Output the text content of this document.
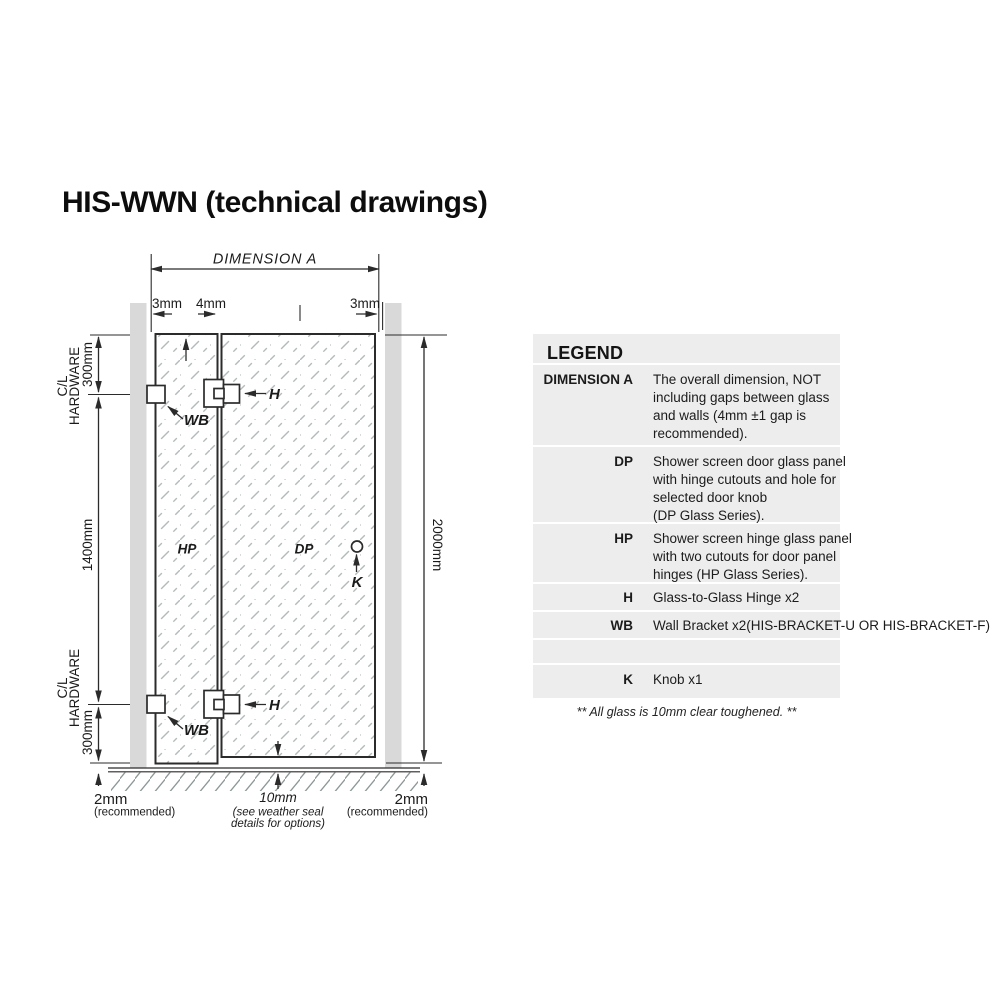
HIS-WWN (technical drawings)
DIMENSION A
3mm 4mm	3mm
300mm
C/L
HARDWARE
1400mm
C/L
HARDWARE
300mm
2000mm
H
H
WB
WB
HP	DP
K
2mm
(recommended)
10mm
(see weather seal
details for options)
2mm
(recommended)
LEGEND
DIMENSION A The overall dimension, NOT
including gaps between glass
and walls (4mm ±1 gap is
recommended).
DP Shower screen door glass panel
with hinge cutouts and hole for
selected door knob
(DP Glass Series).
HP Shower screen hinge glass panel
with two cutouts for door panel
hinges (HP Glass Series).
H Glass-to-Glass Hinge x2
WB Wall Bracket x2(HIS-BRACKET-U OR HIS-BRACKET-F)
K Knob x1
** All glass is 10mm clear toughened. **
